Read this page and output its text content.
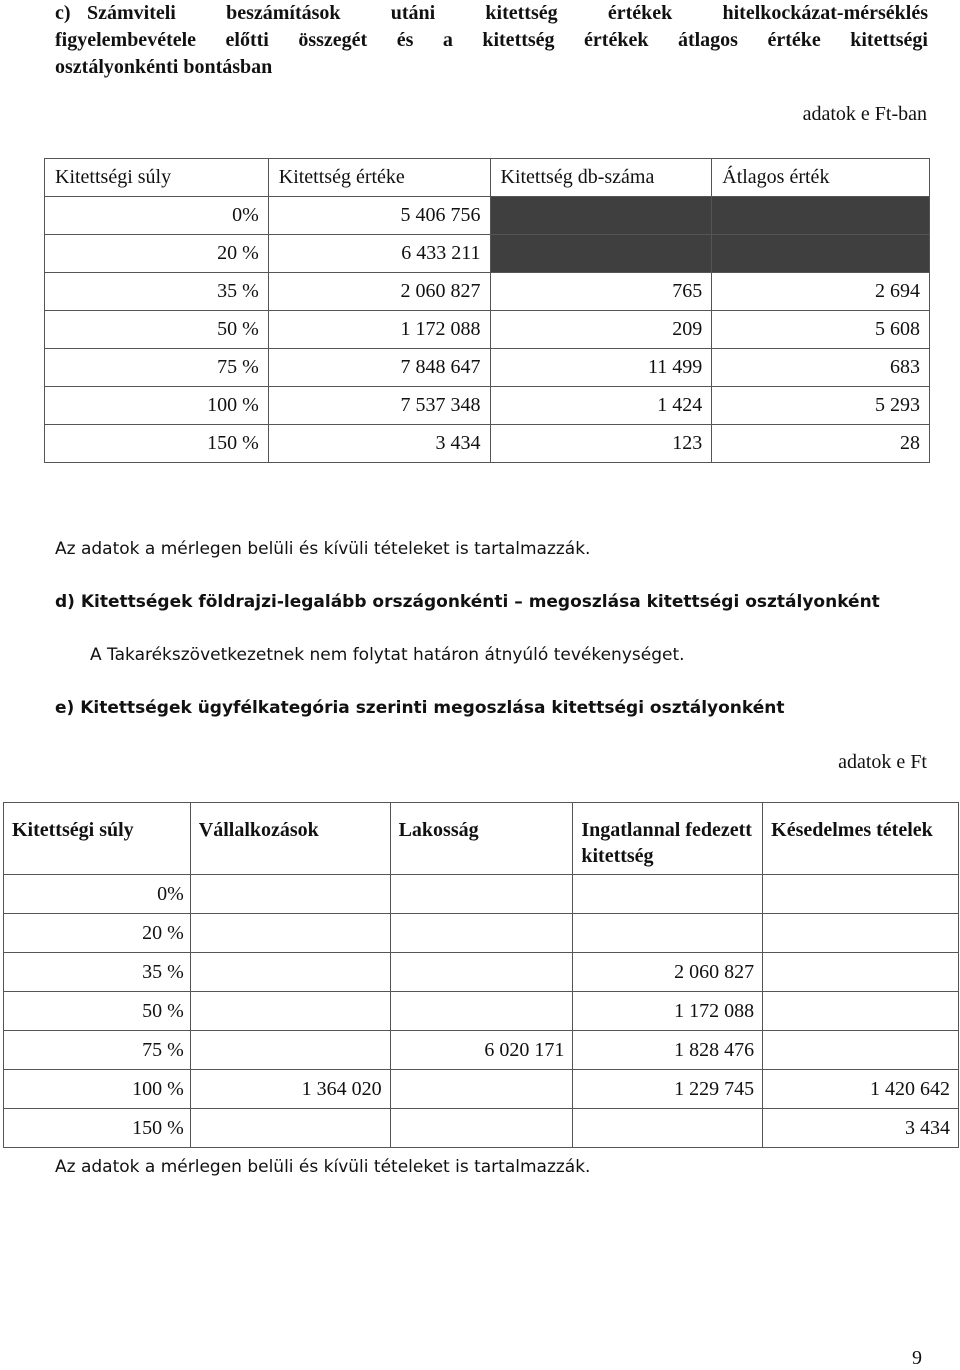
c) Számviteli beszámítások utáni kitettség értékek hitelkockázat-mérséklés
figyelembevétele előtti összegét és a kitettség értékek átlagos értéke kitettségi
osztályonkénti bontásban
adatok e Ft-ban
Kitettségi súly	Kitettség értéke	Kitettség db-száma	Átlagos érték
0%	5 406 756		
20 %	6 433 211		
35 %	2 060 827	765	2 694
50 %	1 172 088	209	5 608
75 %	7 848 647	11 499	683
100 %	7 537 348	1 424	5 293
150 %	3 434	123	28
Az adatok a mérlegen belüli és kívüli tételeket is tartalmazzák.
d) Kitettségek földrajzi-legalább országonkénti – megoszlása kitettségi osztályonként
A Takarékszövetkezetnek nem folytat határon átnyúló tevékenységet.
e) Kitettségek ügyfélkategória szerinti megoszlása kitettségi osztályonként
adatok e Ft
Kitettségi súly	Vállalkozások	Lakosság	Ingatlannal fedezett kitettség	Késedelmes tételek
0%				
20 %				
35 %			2 060 827	
50 %			1 172 088	
75 %		6 020 171	1 828 476	
100 %	1 364 020		1 229 745	1 420 642
150 %				3 434
Az adatok a mérlegen belüli és kívüli tételeket is tartalmazzák.
9
